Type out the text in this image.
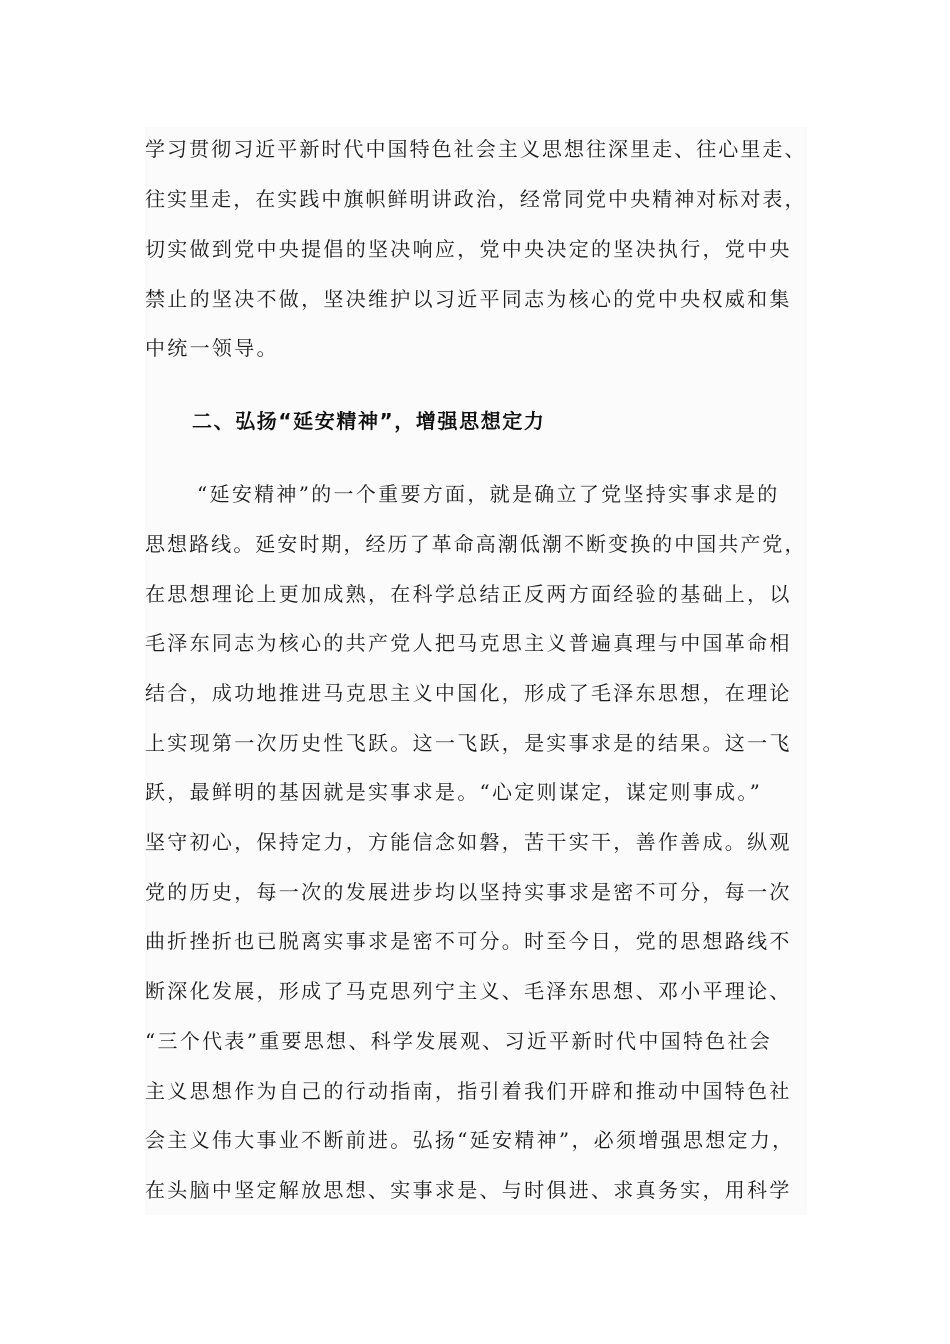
学习贯彻习近平新时代中国特色社会主义思想往深里走、往心里走、
往实里走，在实践中旗帜鲜明讲政治，经常同党中央精神对标对表，
切实做到党中央提倡的坚决响应，党中央决定的坚决执行，党中央
禁止的坚决不做，坚决维护以习近平同志为核心的党中央权威和集
中统一领导。
二、弘扬“延安精神”，增强思想定力
“延安精神”的一个重要方面，就是确立了党坚持实事求是的
思想路线。延安时期，经历了革命高潮低潮不断变换的中国共产党，
在思想理论上更加成熟，在科学总结正反两方面经验的基础上，以
毛泽东同志为核心的共产党人把马克思主义普遍真理与中国革命相
结合，成功地推进马克思主义中国化，形成了毛泽东思想，在理论
上实现第一次历史性飞跃。这一飞跃，是实事求是的结果。这一飞
跃，最鲜明的基因就是实事求是。“心定则谋定，谋定则事成。”
坚守初心，保持定力，方能信念如磐，苦干实干，善作善成。纵观
党的历史，每一次的发展进步均以坚持实事求是密不可分，每一次
曲折挫折也已脱离实事求是密不可分。时至今日，党的思想路线不
断深化发展，形成了马克思列宁主义、毛泽东思想、邓小平理论、
“三个代表”重要思想、科学发展观、习近平新时代中国特色社会
主义思想作为自己的行动指南，指引着我们开辟和推动中国特色社
会主义伟大事业不断前进。弘扬“延安精神”，必须增强思想定力，
在头脑中坚定解放思想、实事求是、与时俱进、求真务实，用科学
